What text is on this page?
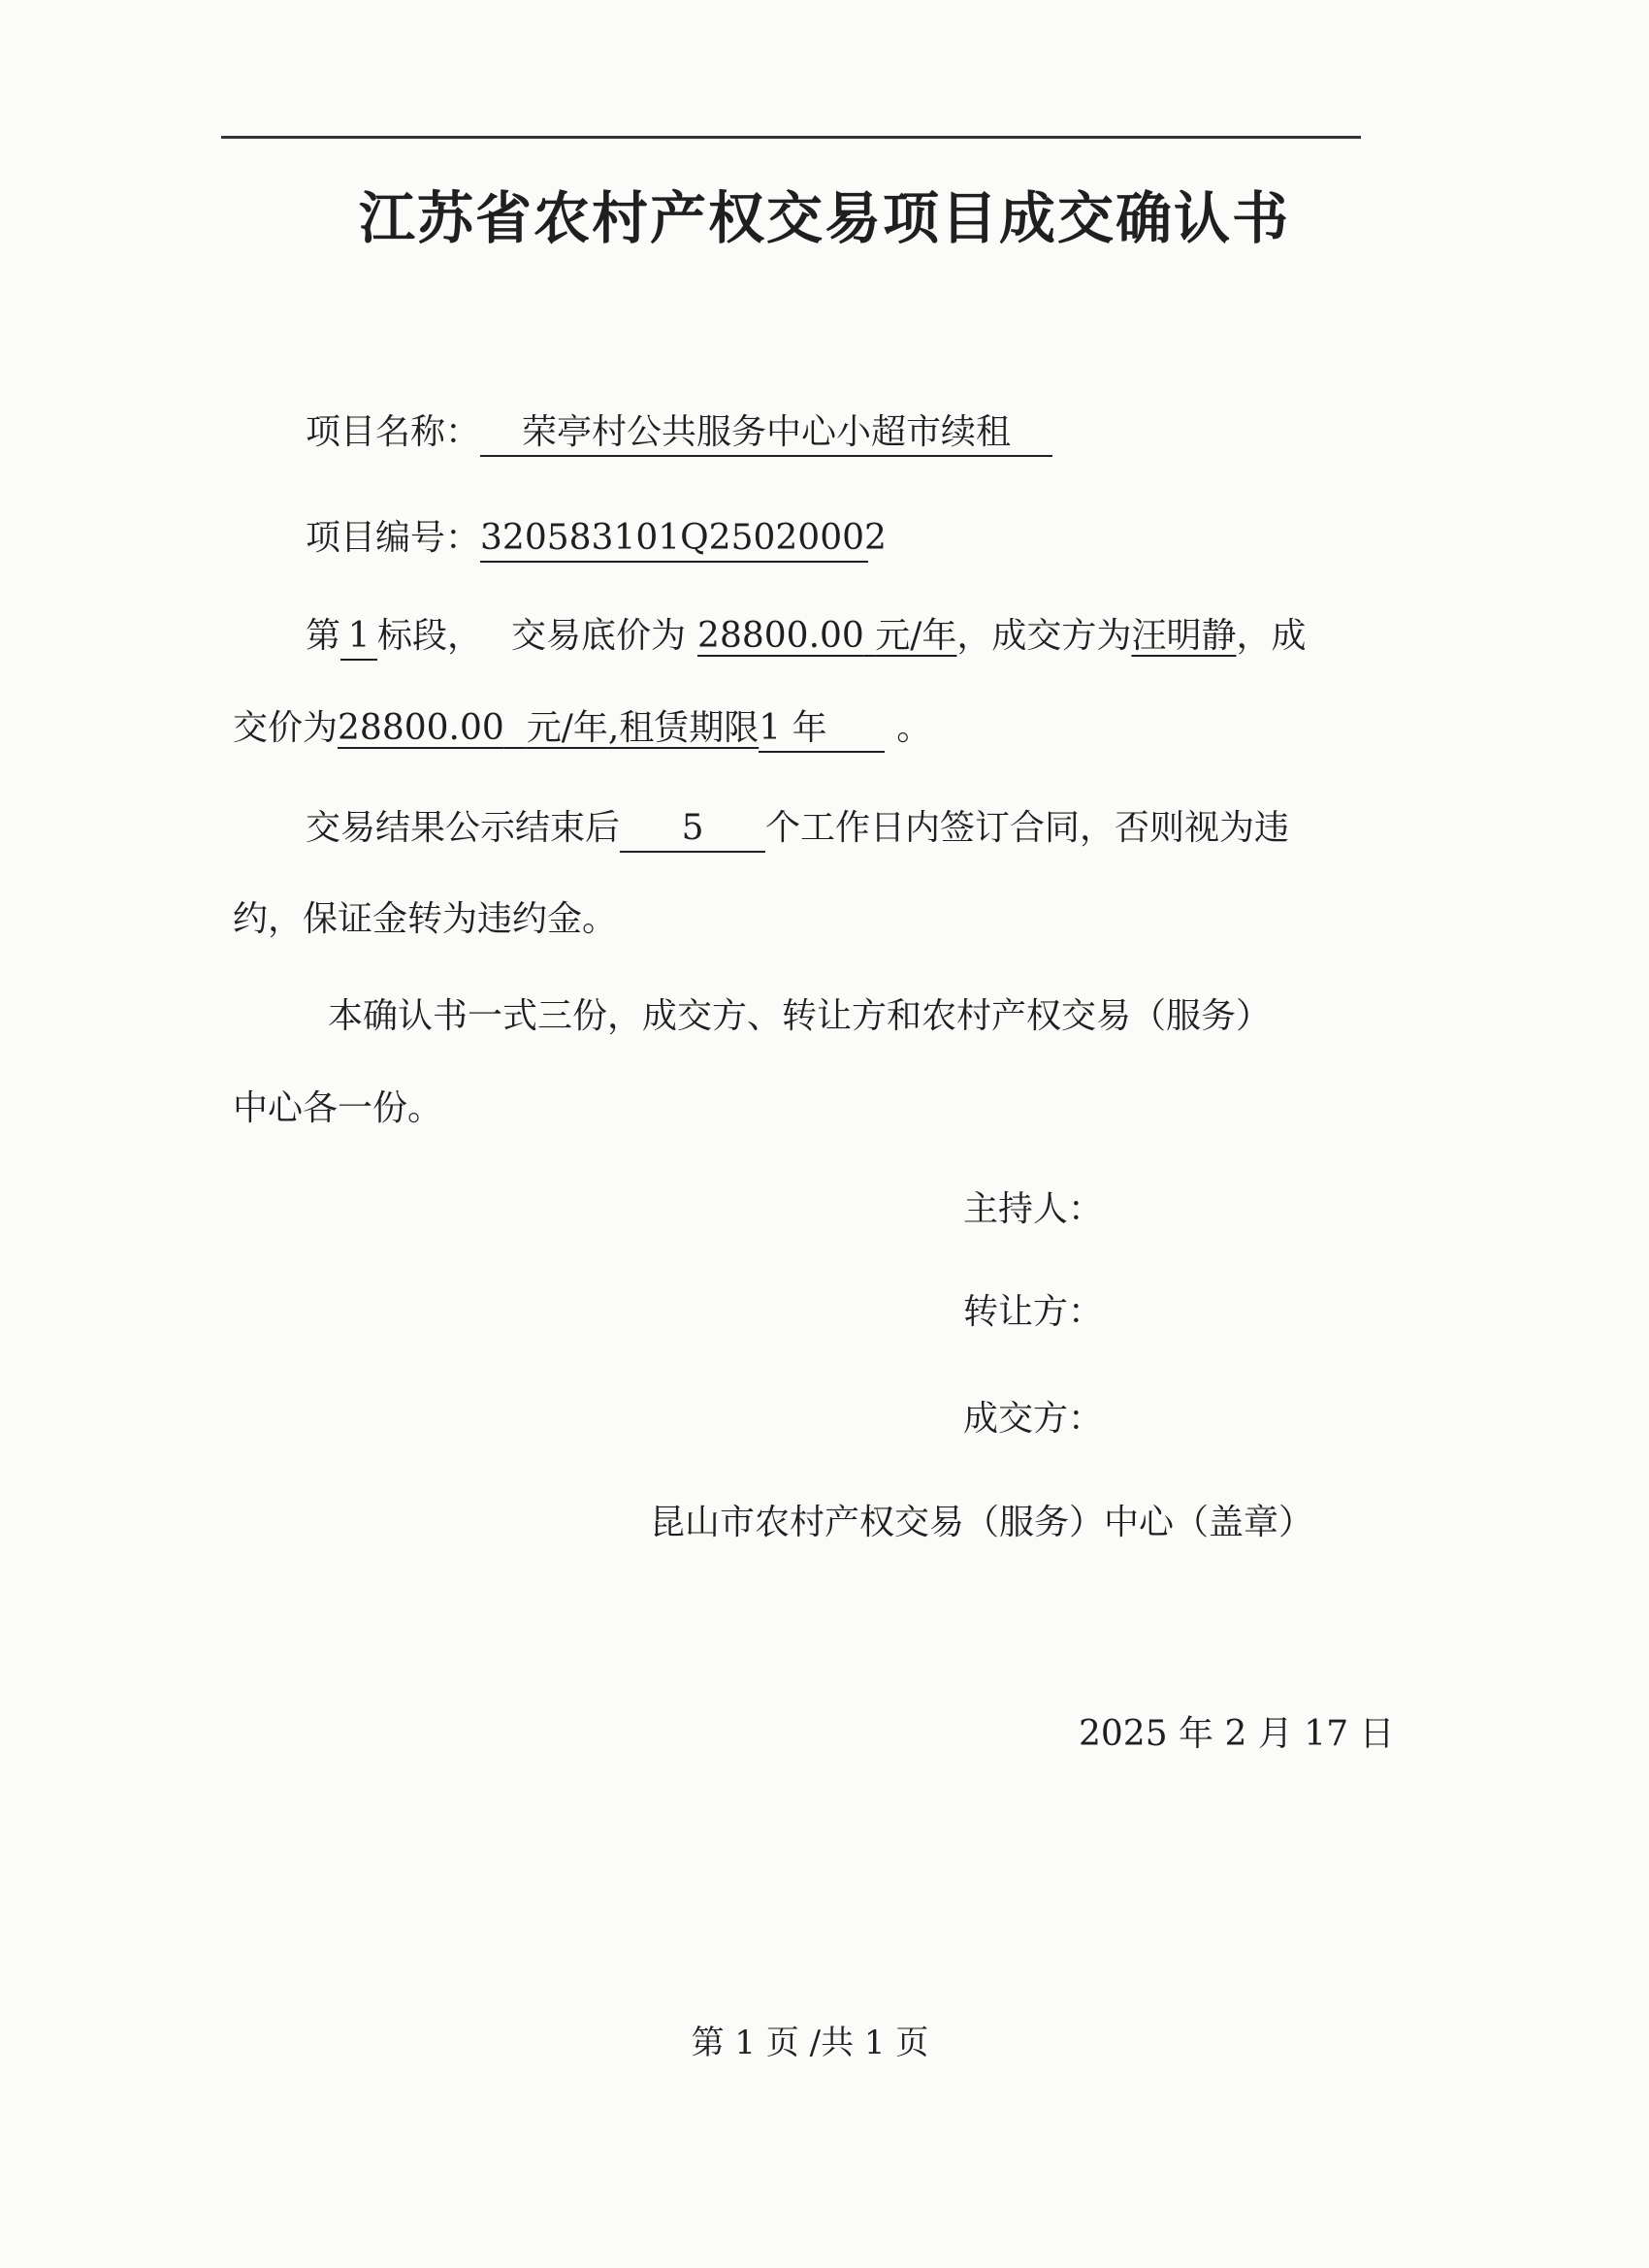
江苏省农村产权交易项目成交确认书
项目名称： 荣亭村公共服务中心小超市续租
项目编号：320583101Q25020002
第 1 标段， 交易底价为 28800.00 元/年，成交方为汪明静，成
交价为28800.00 元/年,租赁期限1 年 。
交易结果公示结束后 5 个工作日内签订合同，否则视为违
约，保证金转为违约金。
本确认书一式三份，成交方、转让方和农村产权交易（服务）
中心各一份。
主持人：
转让方：
成交方：
昆山市农村产权交易（服务）中心（盖章）
2025 年 2 月 17 日
第 1 页 /共 1 页
